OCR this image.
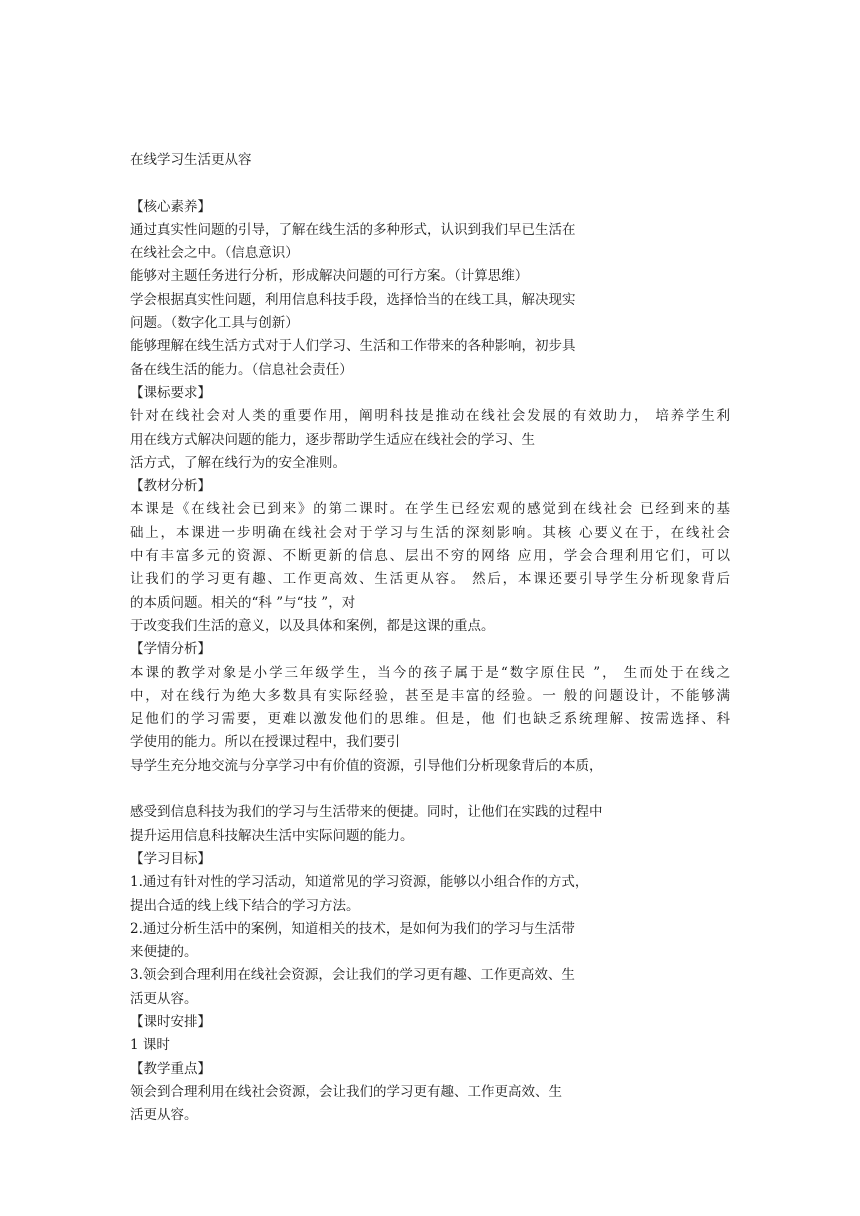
在线学习生活更从容
【核心素养】
通过真实性问题的引导，了解在线生活的多种形式，认识到我们早已生活在
在线社会之中。（信息意识）
能够对主题任务进行分析，形成解决问题的可行方案。（计算思维）
学会根据真实性问题，利用信息科技手段，选择恰当的在线工具，解决现实
问题。（数字化工具与创新）
能够理解在线生活方式对于人们学习、生活和工作带来的各种影响，初步具
备在线生活的能力。（信息社会责任）
【课标要求】
针对在线社会对人类的重要作用，阐明科技是推动在线社会发展的有效助力， 培养学生利
用在线方式解决问题的能力，逐步帮助学生适应在线社会的学习、生
活方式，了解在线行为的安全准则。
【教材分析】
本课是《在线社会已到来》的第二课时。在学生已经宏观的感觉到在线社会 已经到来的基
础上，本课进一步明确在线社会对于学习与生活的深刻影响。其核 心要义在于，在线社会
中有丰富多元的资源、不断更新的信息、层出不穷的网络 应用，学会合理利用它们，可以
让我们的学习更有趣、工作更高效、生活更从容。 然后，本课还要引导学生分析现象背后
的本质问题。相关的“科 ”与“技 ”，对
于改变我们生活的意义，以及具体和案例，都是这课的重点。
【学情分析】
本课的教学对象是小学三年级学生，当今的孩子属于是“数字原住民 ”， 生而处于在线之
中，对在线行为绝大多数具有实际经验，甚至是丰富的经验。一 般的问题设计，不能够满
足他们的学习需要，更难以激发他们的思维。但是，他 们也缺乏系统理解、按需选择、科
学使用的能力。所以在授课过程中，我们要引
导学生充分地交流与分享学习中有价值的资源，引导他们分析现象背后的本质，
感受到信息科技为我们的学习与生活带来的便捷。同时，让他们在实践的过程中
提升运用信息科技解决生活中实际问题的能力。
【学习目标】
1.通过有针对性的学习活动，知道常见的学习资源，能够以小组合作的方式，
提出合适的线上线下结合的学习方法。
2.通过分析生活中的案例，知道相关的技术，是如何为我们的学习与生活带
来便捷的。
3.领会到合理利用在线社会资源，会让我们的学习更有趣、工作更高效、生
活更从容。
【课时安排】
1 课时
【教学重点】
领会到合理利用在线社会资源，会让我们的学习更有趣、工作更高效、生
活更从容。
